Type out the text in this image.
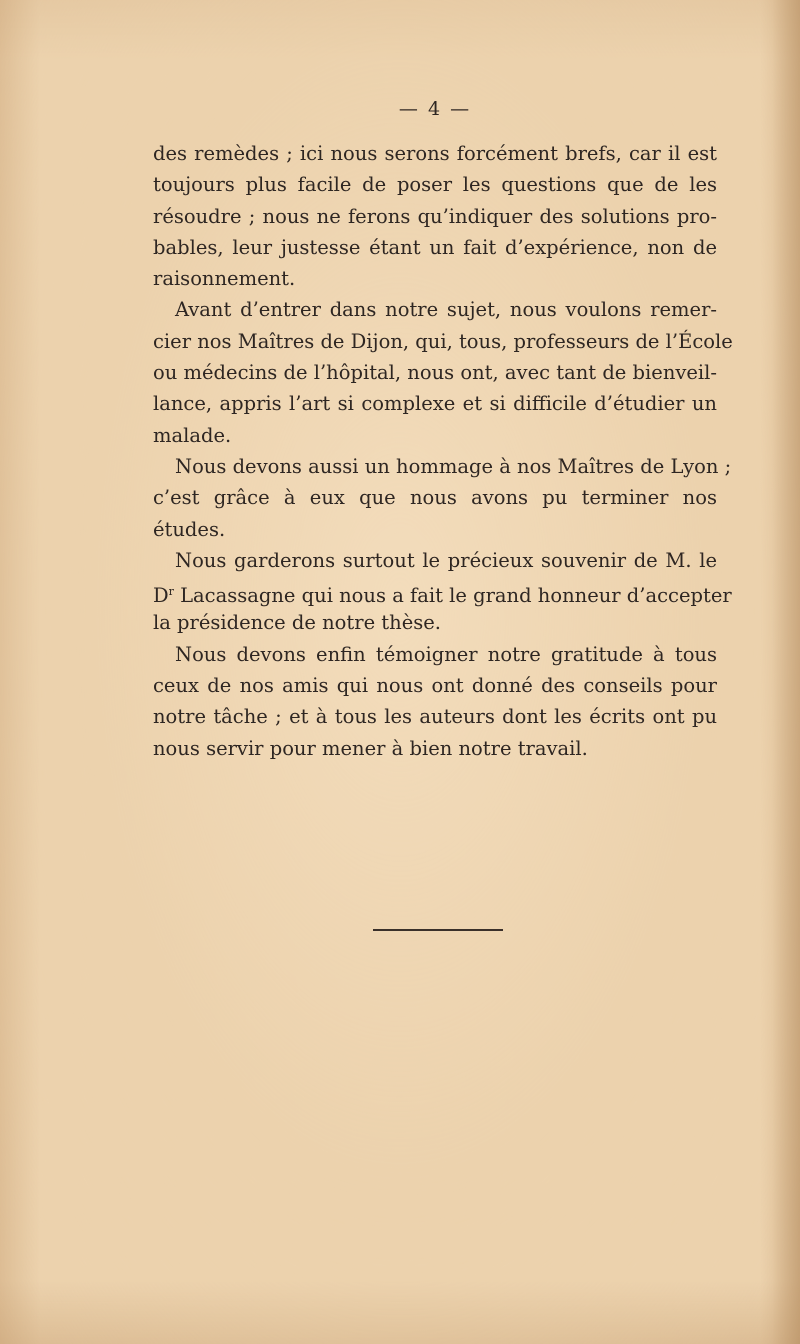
— 4 —

des remèdes ; ici nous serons forcément brefs, car il est
toujours plus facile de poser les questions que de les
résoudre ; nous ne ferons qu’indiquer des solutions pro-
bables, leur justesse étant un fait d’expérience, non de
raisonnement.

Avant d’entrer dans notre sujet, nous voulons remer-
cier nos Maîtres de Dijon, qui, tous, professeurs de l’École
ou médecins de l’hôpital, nous ont, avec tant de bienveil-
lance, appris l’art si complexe et si difficile d’étudier un
malade.

Nous devons aussi un hommage à nos Maîtres de Lyon ;
c’est grâce à eux que nous avons pu terminer nos
études.

Nous garderons surtout le précieux souvenir de M. le
$D^r$ Lacassagne qui nous a fait le grand honneur d’accepter
la présidence de notre thèse.

Nous devons enfin témoigner notre gratitude à tous
ceux de nos amis qui nous ont donné des conseils pour
notre tâche ; et à tous les auteurs dont les écrits ont pu
nous servir pour mener à bien notre travail.
